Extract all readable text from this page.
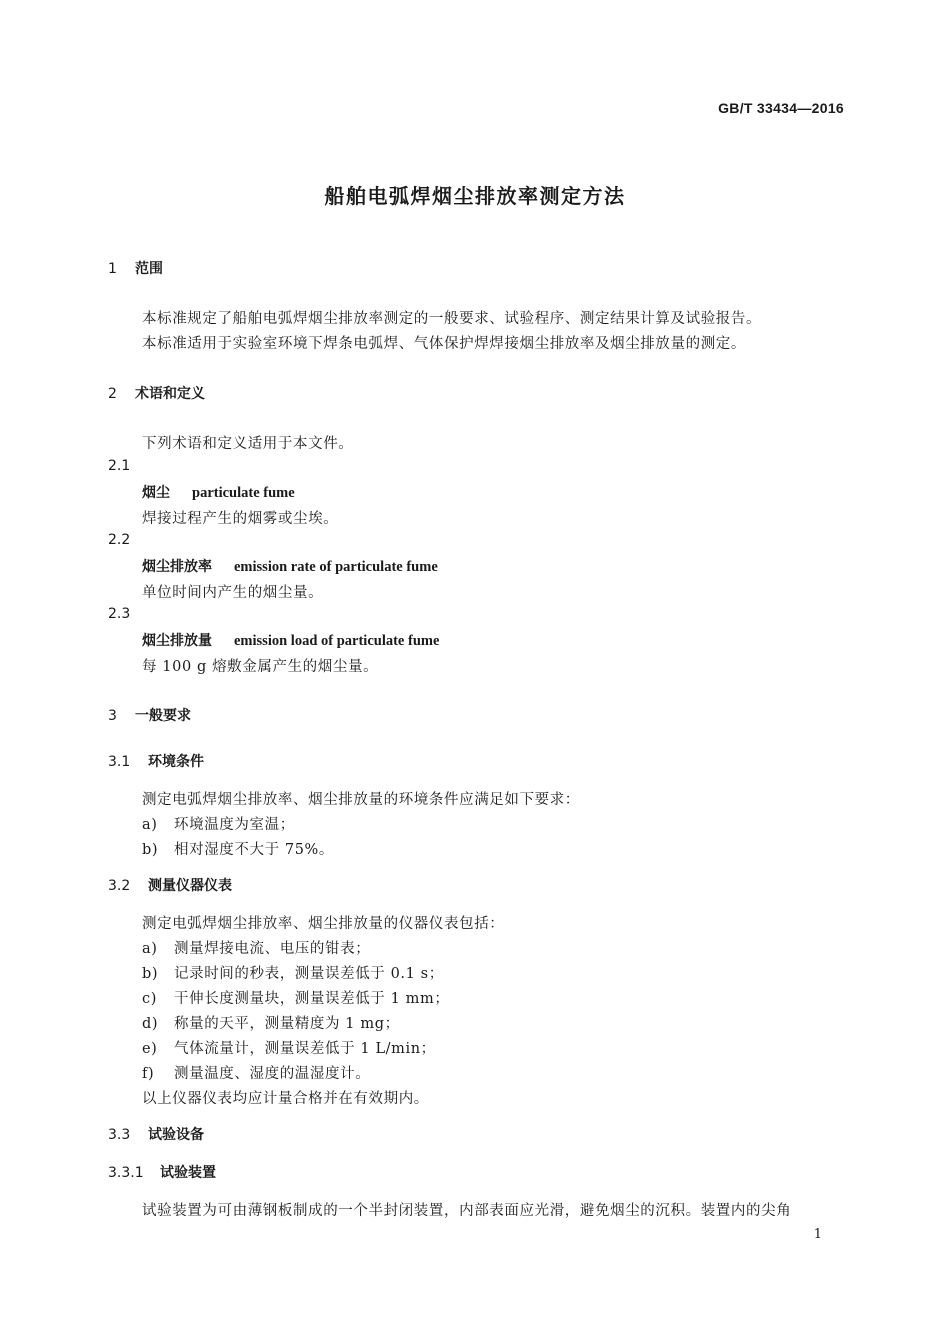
GB/T 33434—2016
船舶电弧焊烟尘排放率测定方法
1 范围
本标准规定了船舶电弧焊烟尘排放率测定的一般要求、试验程序、测定结果计算及试验报告。
本标准适用于实验室环境下焊条电弧焊、气体保护焊焊接烟尘排放率及烟尘排放量的测定。
2 术语和定义
下列术语和定义适用于本文件。
2.1
烟尘 particulate fume
焊接过程产生的烟雾或尘埃。
2.2
烟尘排放率 emission rate of particulate fume
单位时间内产生的烟尘量。
2.3
烟尘排放量 emission load of particulate fume
每 100 g 熔敷金属产生的烟尘量。
3 一般要求
3.1 环境条件
测定电弧焊烟尘排放率、烟尘排放量的环境条件应满足如下要求：
a) 环境温度为室温；
b) 相对湿度不大于 75%。
3.2 测量仪器仪表
测定电弧焊烟尘排放率、烟尘排放量的仪器仪表包括：
a) 测量焊接电流、电压的钳表；
b) 记录时间的秒表，测量误差低于 0.1 s；
c) 干伸长度测量块，测量误差低于 1 mm；
d) 称量的天平，测量精度为 1 mg；
e) 气体流量计，测量误差低于 1 L/min；
f) 测量温度、湿度的温湿度计。
以上仪器仪表均应计量合格并在有效期内。
3.3 试验设备
3.3.1 试验装置
试验装置为可由薄钢板制成的一个半封闭装置，内部表面应光滑，避免烟尘的沉积。装置内的尖角
1
